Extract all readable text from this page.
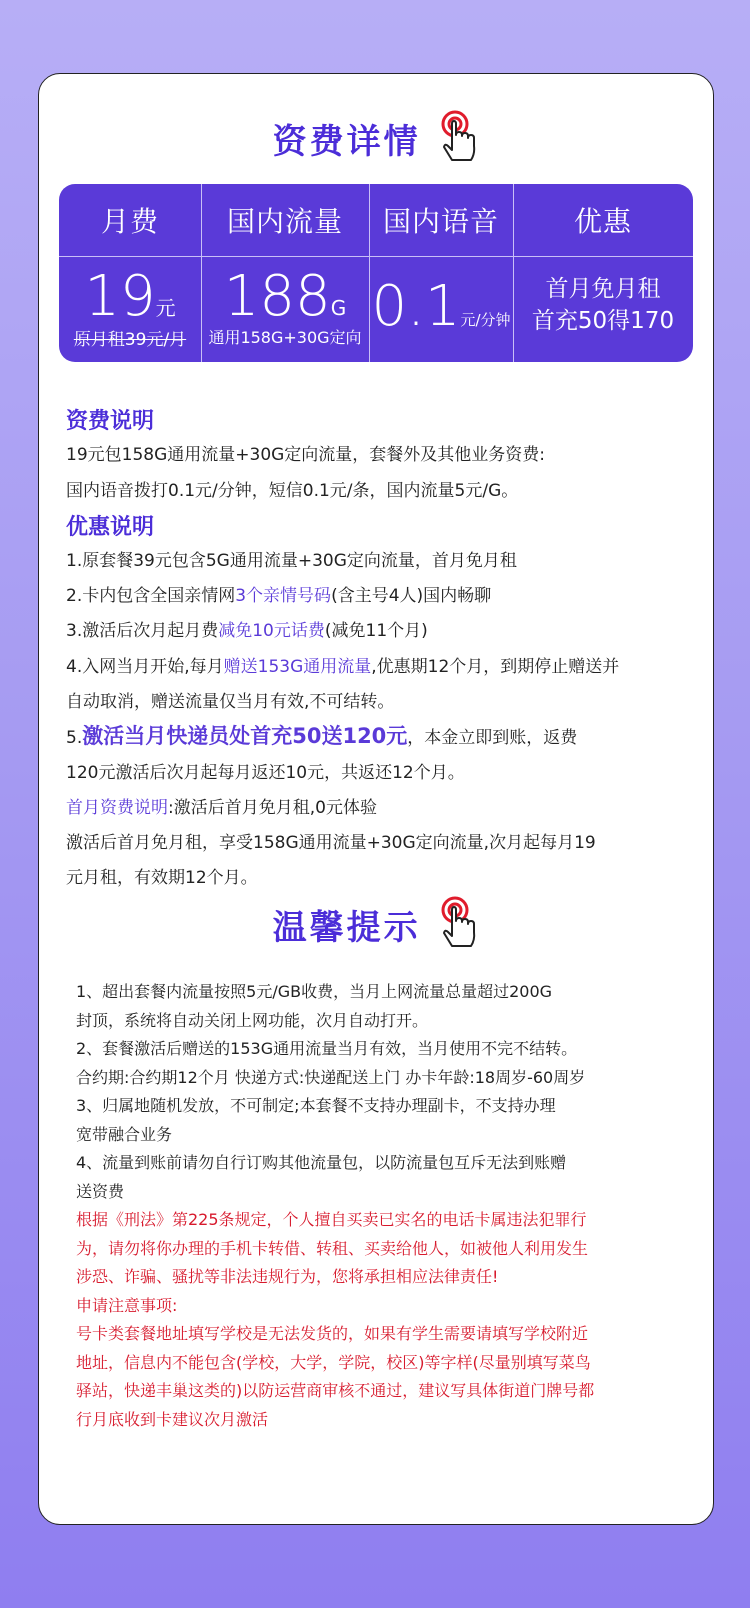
资费详情
月费
19元
原月租39元/月
国内流量
188G
通用158G+30G定向
国内语音
0.1元/分钟
优惠
首月免月租
首充50得170
资费说明
19元包158G通用流量+30G定向流量，套餐外及其他业务资费:
国内语音拨打0.1元/分钟，短信0.1元/条，国内流量5元/G。
优惠说明
1.原套餐39元包含5G通用流量+30G定向流量，首月免月租
2.卡内包含全国亲情网3个亲情号码(含主号4人)国内畅聊
3.激活后次月起月费减免10元话费(减免11个月)
4.入网当月开始,每月赠送153G通用流量,优惠期12个月，到期停止赠送并
自动取消，赠送流量仅当月有效,不可结转。
5.激活当月快递员处首充50送120元，本金立即到账，返费
120元激活后次月起每月返还10元，共返还12个月。
首月资费说明:激活后首月免月租,0元体验
激活后首月免月租，享受158G通用流量+30G定向流量,次月起每月19
元月租，有效期12个月。
温馨提示
1、超出套餐内流量按照5元/GB收费，当月上网流量总量超过200G
封顶，系统将自动关闭上网功能，次月自动打开。
2、套餐激活后赠送的153G通用流量当月有效，当月使用不完不结转。
合约期:合约期12个月 快递方式:快递配送上门 办卡年龄:18周岁-60周岁
3、归属地随机发放，不可制定;本套餐不支持办理副卡，不支持办理
宽带融合业务
4、流量到账前请勿自行订购其他流量包，以防流量包互斥无法到账赠
送资费
根据《刑法》第225条规定，个人擅自买卖已实名的电话卡属违法犯罪行
为，请勿将你办理的手机卡转借、转租、买卖给他人，如被他人利用发生
涉恐、诈骗、骚扰等非法违规行为，您将承担相应法律责任!
申请注意事项:
号卡类套餐地址填写学校是无法发货的，如果有学生需要请填写学校附近
地址，信息内不能包含(学校，大学，学院，校区)等字样(尽量别填写菜鸟
驿站，快递丰巢这类的)以防运营商审核不通过，建议写具体街道门牌号都
行月底收到卡建议次月激活
